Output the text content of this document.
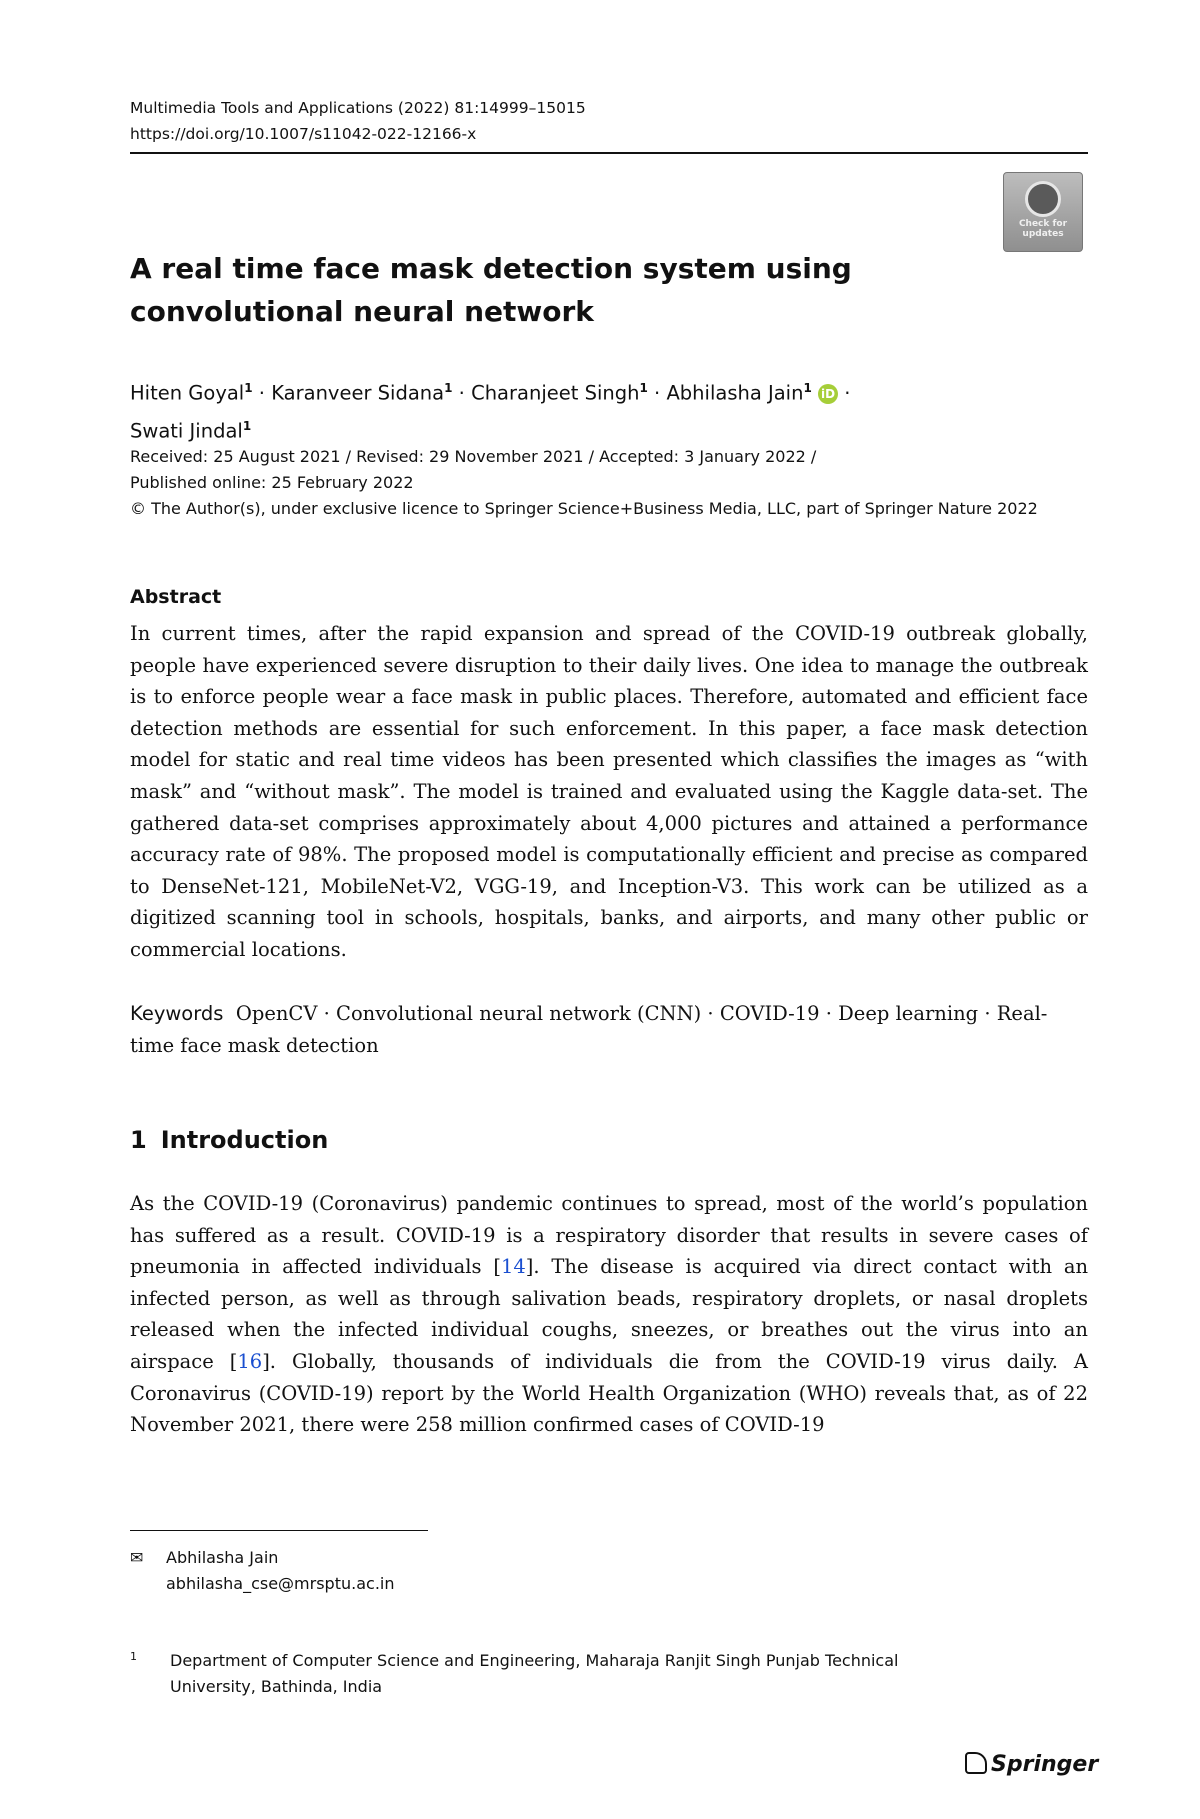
Multimedia Tools and Applications (2022) 81:14999–15015
https://doi.org/10.1007/s11042-022-12166-x
Check for updates
A real time face mask detection system using
convolutional neural network
Hiten Goyal$^1$ · Karanveer Sidana$^1$ · Charanjeet Singh$^1$ · Abhilasha Jain$^1$ iD ·
Swati Jindal$^1$
Received: 25 August 2021 / Revised: 29 November 2021 / Accepted: 3 January 2022 /
Published online: 25 February 2022
© The Author(s), under exclusive licence to Springer Science+Business Media, LLC, part of Springer Nature 2022
Abstract

In current times, after the rapid expansion and spread of the COVID-19 outbreak globally, people have experienced severe disruption to their daily lives. One idea to manage the outbreak is to enforce people wear a face mask in public places. Therefore, automated and efficient face detection methods are essential for such enforcement. In this paper, a face mask detection model for static and real time videos has been presented which classifies the images as “with mask” and “without mask”. The model is trained and evaluated using the Kaggle data-set. The gathered data-set comprises approximately about 4,000 pictures and attained a performance accuracy rate of 98%. The proposed model is computationally efficient and precise as compared to DenseNet-121, MobileNet-V2, VGG-19, and Inception-V3. This work can be utilized as a digitized scanning tool in schools, hospitals, banks, and airports, and many other public or commercial locations.

Keywords OpenCV · Convolutional neural network (CNN) · COVID-19 · Deep learning · Real-time face mask detection

1 Introduction

As the COVID-19 (Coronavirus) pandemic continues to spread, most of the world’s population has suffered as a result. COVID-19 is a respiratory disorder that results in severe cases of pneumonia in affected individuals [14]. The disease is acquired via direct contact with an infected person, as well as through salivation beads, respiratory droplets, or nasal droplets released when the infected individual coughs, sneezes, or breathes out the virus into an airspace [16]. Globally, thousands of individuals die from the COVID-19 virus daily. A Coronavirus (COVID-19) report by the World Health Organization (WHO) reveals that, as of 22 November 2021, there were 258 million confirmed cases of COVID-19

✉ Abhilasha Jain
abhilasha_cse@mrsptu.ac.in
1	Department of Computer Science and Engineering, Maharaja Ranjit Singh Punjab Technical
University, Bathinda, India
Springer
